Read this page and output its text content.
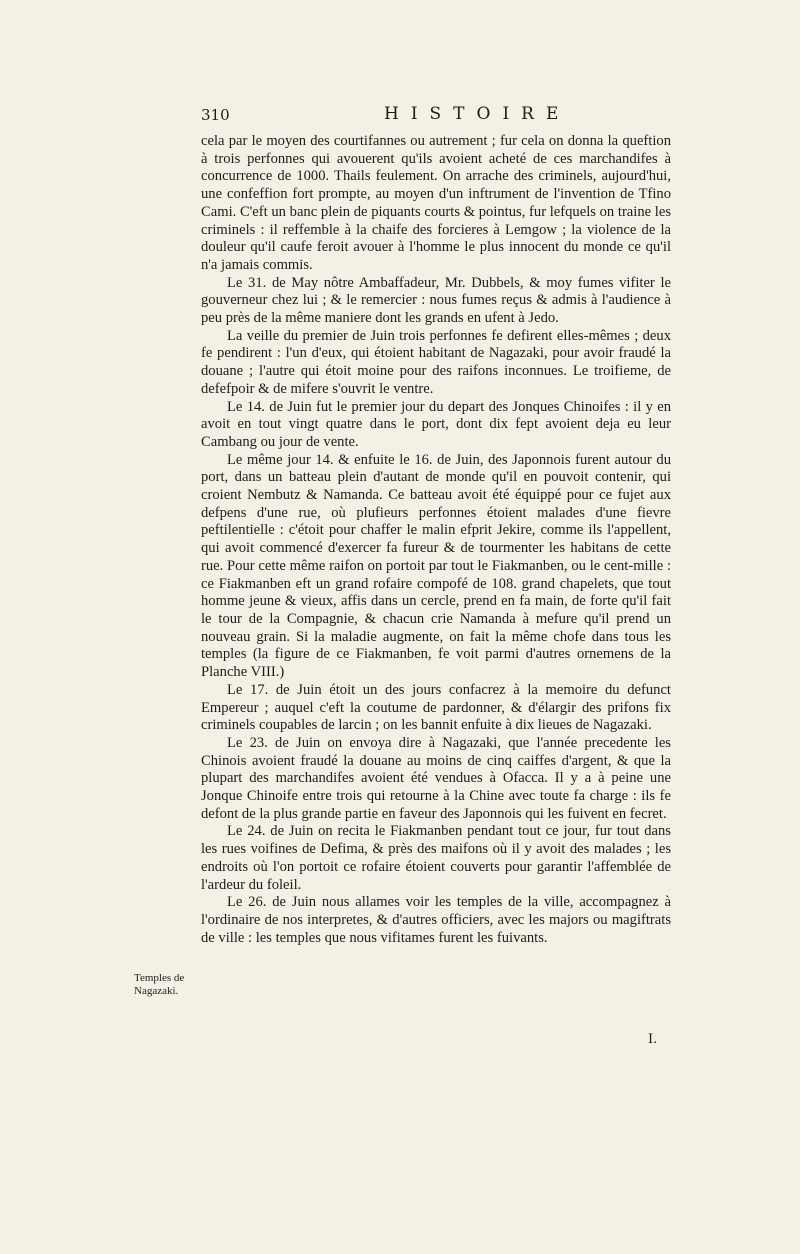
310	HISTOIRE

cela par le moyen des courtifannes ou autrement ; fur cela on donna la queftion à trois perfonnes qui avouerent qu'ils avoient acheté de ces marchandifes à concurrence de 1000. Thails feulement. On arrache des criminels, aujourd'hui, une confeffion fort prompte, au moyen d'un inftrument de l'invention de Tfino Cami. C'eft un banc plein de piquants courts & pointus, fur lefquels on traine les criminels : il reffemble à la chaife des forcieres à Lemgow ; la violence de la douleur qu'il caufe feroit avouer à l'homme le plus innocent du monde ce qu'il n'a jamais commis.

Le 31. de May nôtre Ambaffadeur, Mr. Dubbels, & moy fumes vifiter le gouverneur chez lui ; & le remercier : nous fumes reçus & admis à l'audience à peu près de la même maniere dont les grands en ufent à Jedo.

La veille du premier de Juin trois perfonnes fe defirent elles-mêmes ; deux fe pendirent : l'un d'eux, qui étoient habitant de Nagazaki, pour avoir fraudé la douane ; l'autre qui étoit moine pour des raifons inconnues. Le troifieme, de defefpoir & de mifere s'ouvrit le ventre.

Le 14. de Juin fut le premier jour du depart des Jonques Chinoifes : il y en avoit en tout vingt quatre dans le port, dont dix fept avoient deja eu leur Cambang ou jour de vente.

Le même jour 14. & enfuite le 16. de Juin, des Japonnois furent autour du port, dans un batteau plein d'autant de monde qu'il en pouvoit contenir, qui croient Nembutz & Namanda. Ce batteau avoit été équippé pour ce fujet aux defpens d'une rue, où plufieurs perfonnes étoient malades d'une fievre peftilentielle : c'étoit pour chaffer le malin efprit Jekire, comme ils l'appellent, qui avoit commencé d'exercer fa fureur & de tourmenter les habitans de cette rue. Pour cette même raifon on portoit par tout le Fiakmanben, ou le cent-mille : ce Fiakmanben eft un grand rofaire compofé de 108. grand chapelets, que tout homme jeune & vieux, affis dans un cercle, prend en fa main, de forte qu'il fait le tour de la Compagnie, & chacun crie Namanda à mefure qu'il prend un nouveau grain. Si la maladie augmente, on fait la même chofe dans tous les temples (la figure de ce Fiakmanben, fe voit parmi d'autres ornemens de la Planche VIII.)

Le 17. de Juin étoit un des jours confacrez à la memoire du defunct Empereur ; auquel c'eft la coutume de pardonner, & d'élargir des prifons fix criminels coupables de larcin ; on les bannit enfuite à dix lieues de Nagazaki.

Le 23. de Juin on envoya dire à Nagazaki, que l'année precedente les Chinois avoient fraudé la douane au moins de cinq caiffes d'argent, & que la plupart des marchandifes avoient été vendues à Ofacca. Il y a à peine une Jonque Chinoife entre trois qui retourne à la Chine avec toute fa charge : ils fe defont de la plus grande partie en faveur des Japonnois qui les fuivent en fecret.

Le 24. de Juin on recita le Fiakmanben pendant tout ce jour, fur tout dans les rues voifines de Defima, & près des maifons où il y avoit des malades ; les endroits où l'on portoit ce rofaire étoient couverts pour garantir l'affemblée de l'ardeur du foleil.

Le 26. de Juin nous allames voir les temples de la ville, accompagnez à l'ordinaire de nos interpretes, & d'autres officiers, avec les majors ou magiftrats de ville : les temples que nous vifitames furent les fuivants.

Temples de Nagazaki.
I.
